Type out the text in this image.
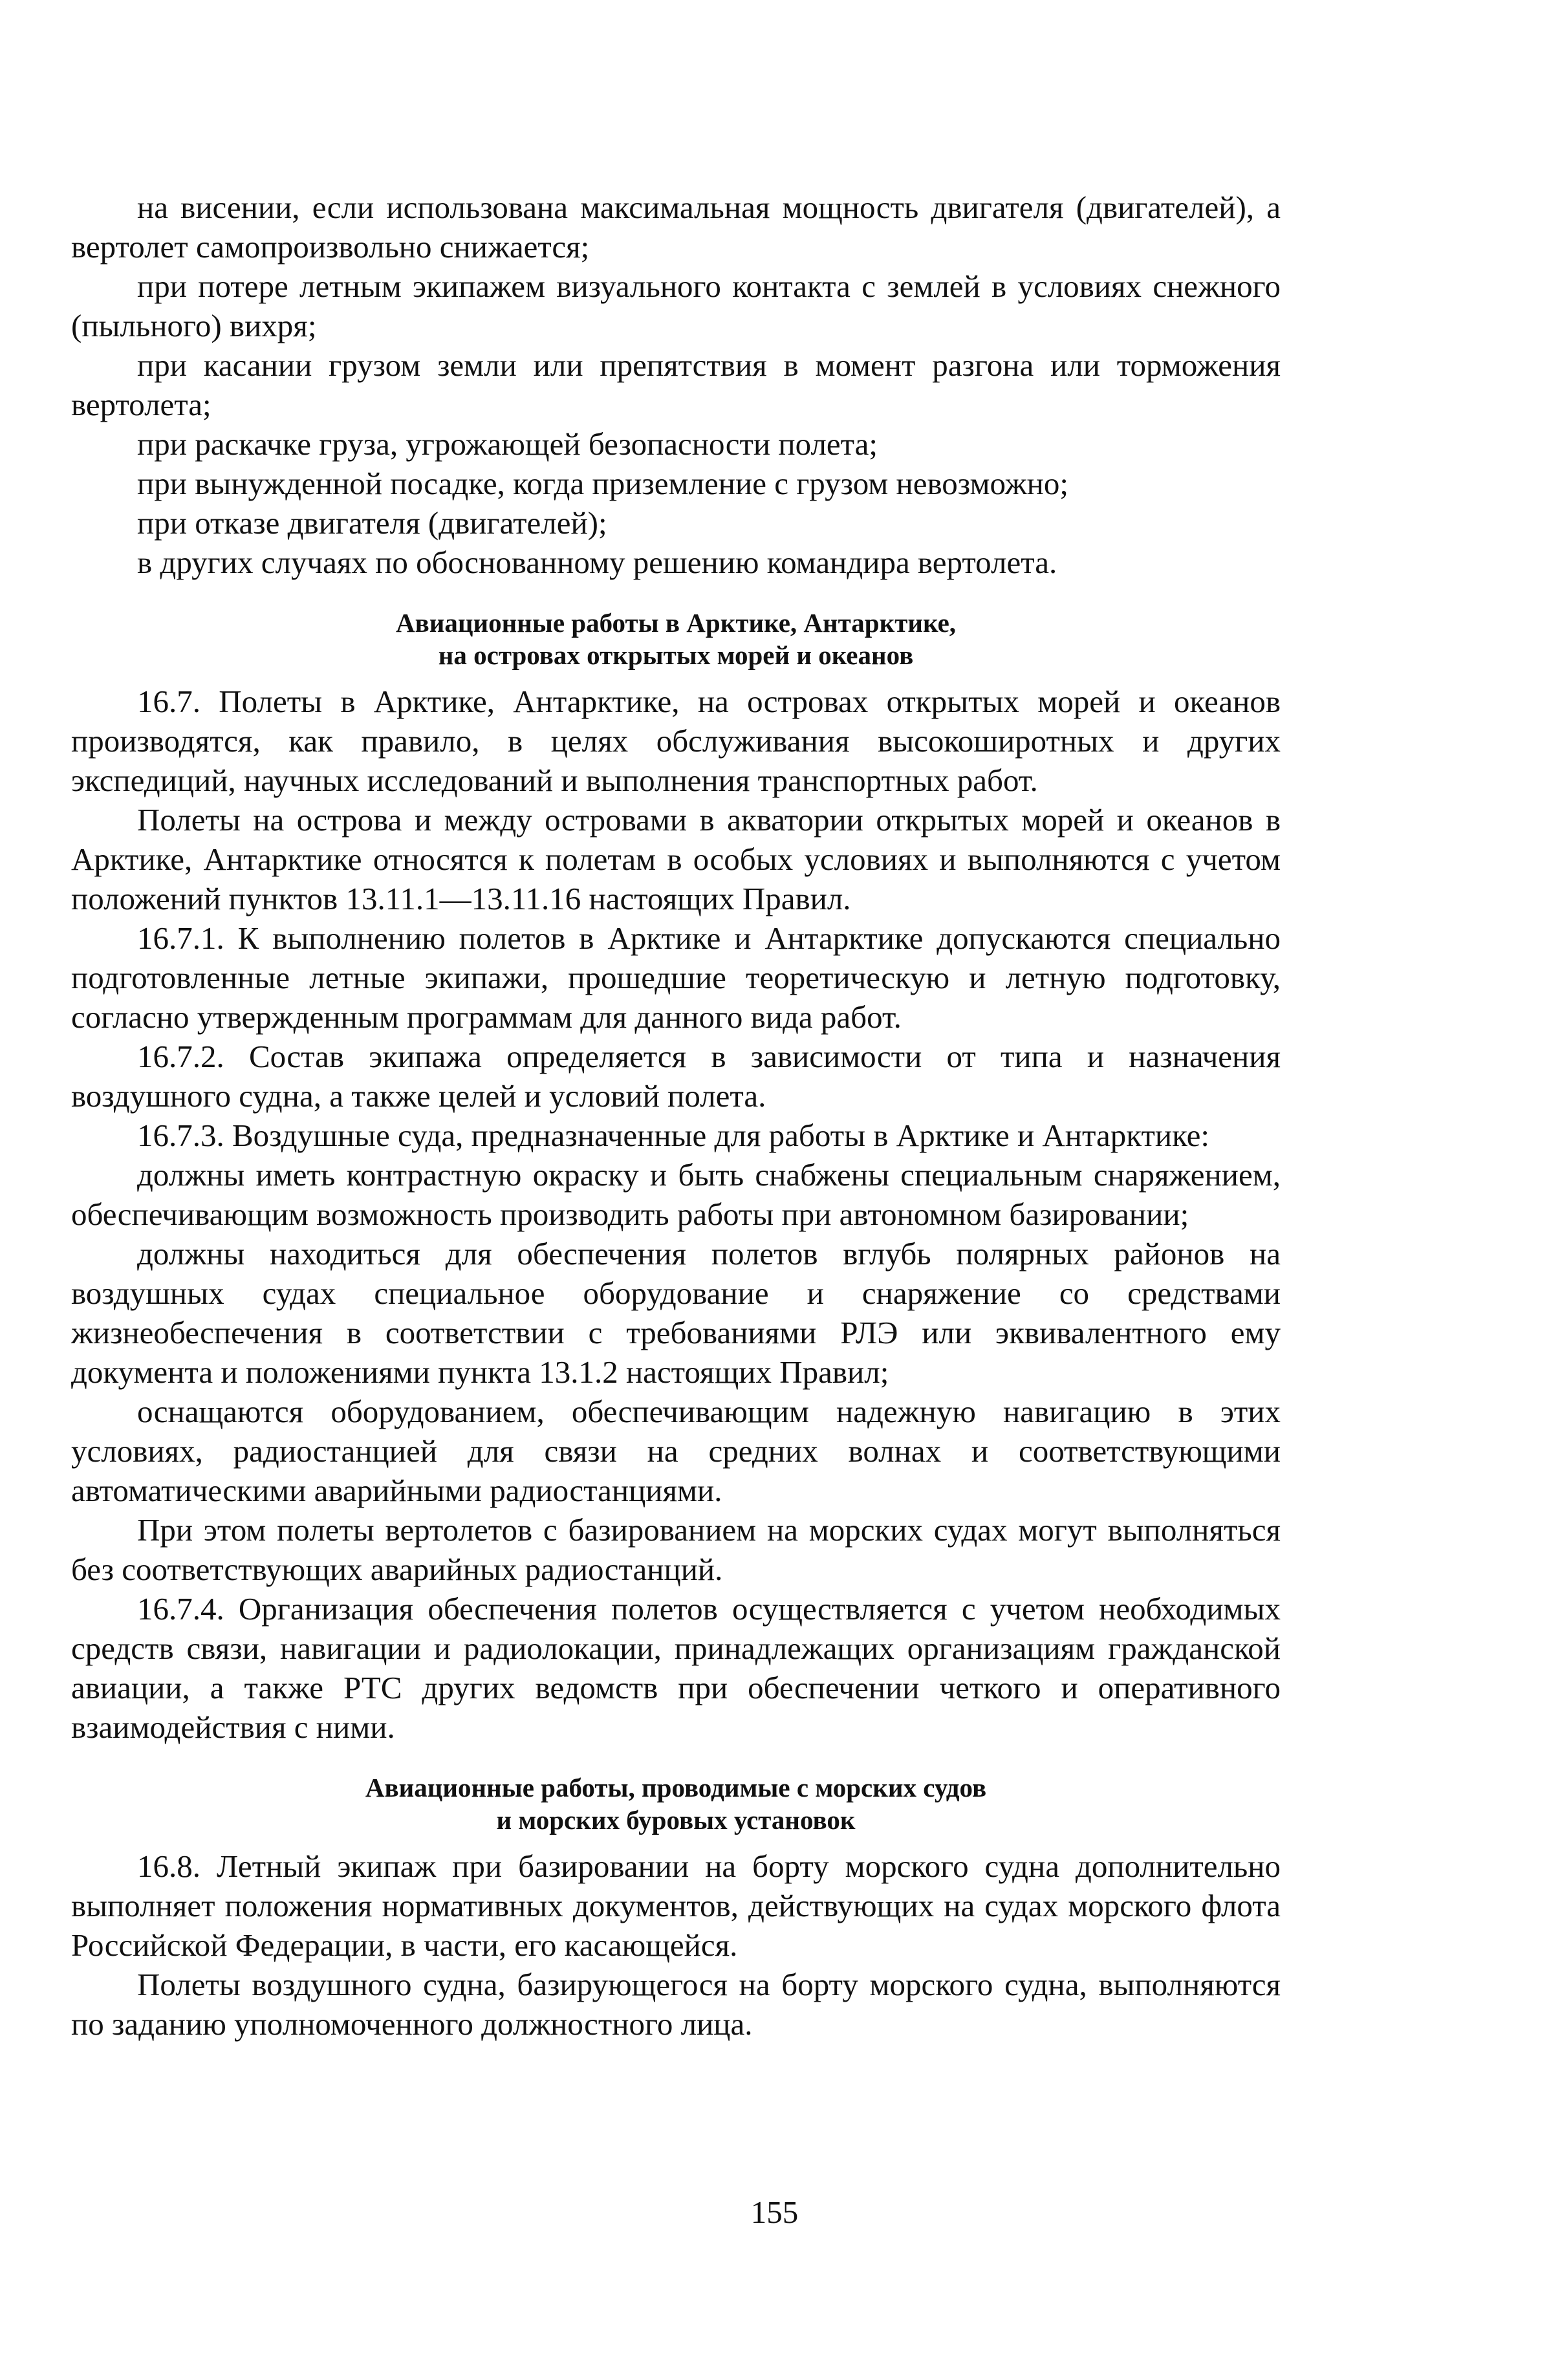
на висении, если использована максимальная мощность двигателя (двигателей), а вертолет самопроизвольно снижается;

при потере летным экипажем визуального контакта с землей в условиях снежного (пыльного) вихря;

при касании грузом земли или препятствия в момент разгона или торможения вертолета;

при раскачке груза, угрожающей безопасности полета;

при вынужденной посадке, когда приземление с грузом невозможно;

при отказе двигателя (двигателей);

в других случаях по обоснованному решению командира вертолета.

Авиационные работы в Арктике, Антарктике,
на островах открытых морей и океанов

16.7. Полеты в Арктике, Антарктике, на островах открытых морей и океанов производятся, как правило, в целях обслуживания высокоширотных и других экспедиций, научных исследований и выполнения транспортных работ.

Полеты на острова и между островами в акватории открытых морей и океанов в Арктике, Антарктике относятся к полетам в особых условиях и выполняются с учетом положений пунктов 13.11.1—13.11.16 настоящих Правил.

16.7.1. К выполнению полетов в Арктике и Антарктике допускаются специально подготовленные летные экипажи, прошедшие теоретическую и летную подготовку, согласно утвержденным программам для данного вида работ.

16.7.2. Состав экипажа определяется в зависимости от типа и назначения воздушного судна, а также целей и условий полета.

16.7.3. Воздушные суда, предназначенные для работы в Арктике и Антарктике:

должны иметь контрастную окраску и быть снабжены специальным снаряжением, обеспечивающим возможность производить работы при автономном базировании;

должны находиться для обеспечения полетов вглубь полярных районов на воздушных судах специальное оборудование и снаряжение со средствами жизнеобеспечения в соответствии с требованиями РЛЭ или эквивалентного ему документа и положениями пункта 13.1.2 настоящих Правил;

оснащаются оборудованием, обеспечивающим надежную навигацию в этих условиях, радиостанцией для связи на средних волнах и соответствующими автоматическими аварийными радиостанциями.

При этом полеты вертолетов с базированием на морских судах могут выполняться без соответствующих аварийных радиостанций.

16.7.4. Организация обеспечения полетов осуществляется с учетом необходимых средств связи, навигации и радиолокации, принадлежащих организациям гражданской авиации, а также РТС других ведомств при обеспечении четкого и оперативного взаимодействия с ними.

Авиационные работы, проводимые с морских судов
и морских буровых установок

16.8. Летный экипаж при базировании на борту морского судна дополнительно выполняет положения нормативных документов, действующих на судах морского флота Российской Федерации, в части, его касающейся.

Полеты воздушного судна, базирующегося на борту морского судна, выполняются по заданию уполномоченного должностного лица.

155
